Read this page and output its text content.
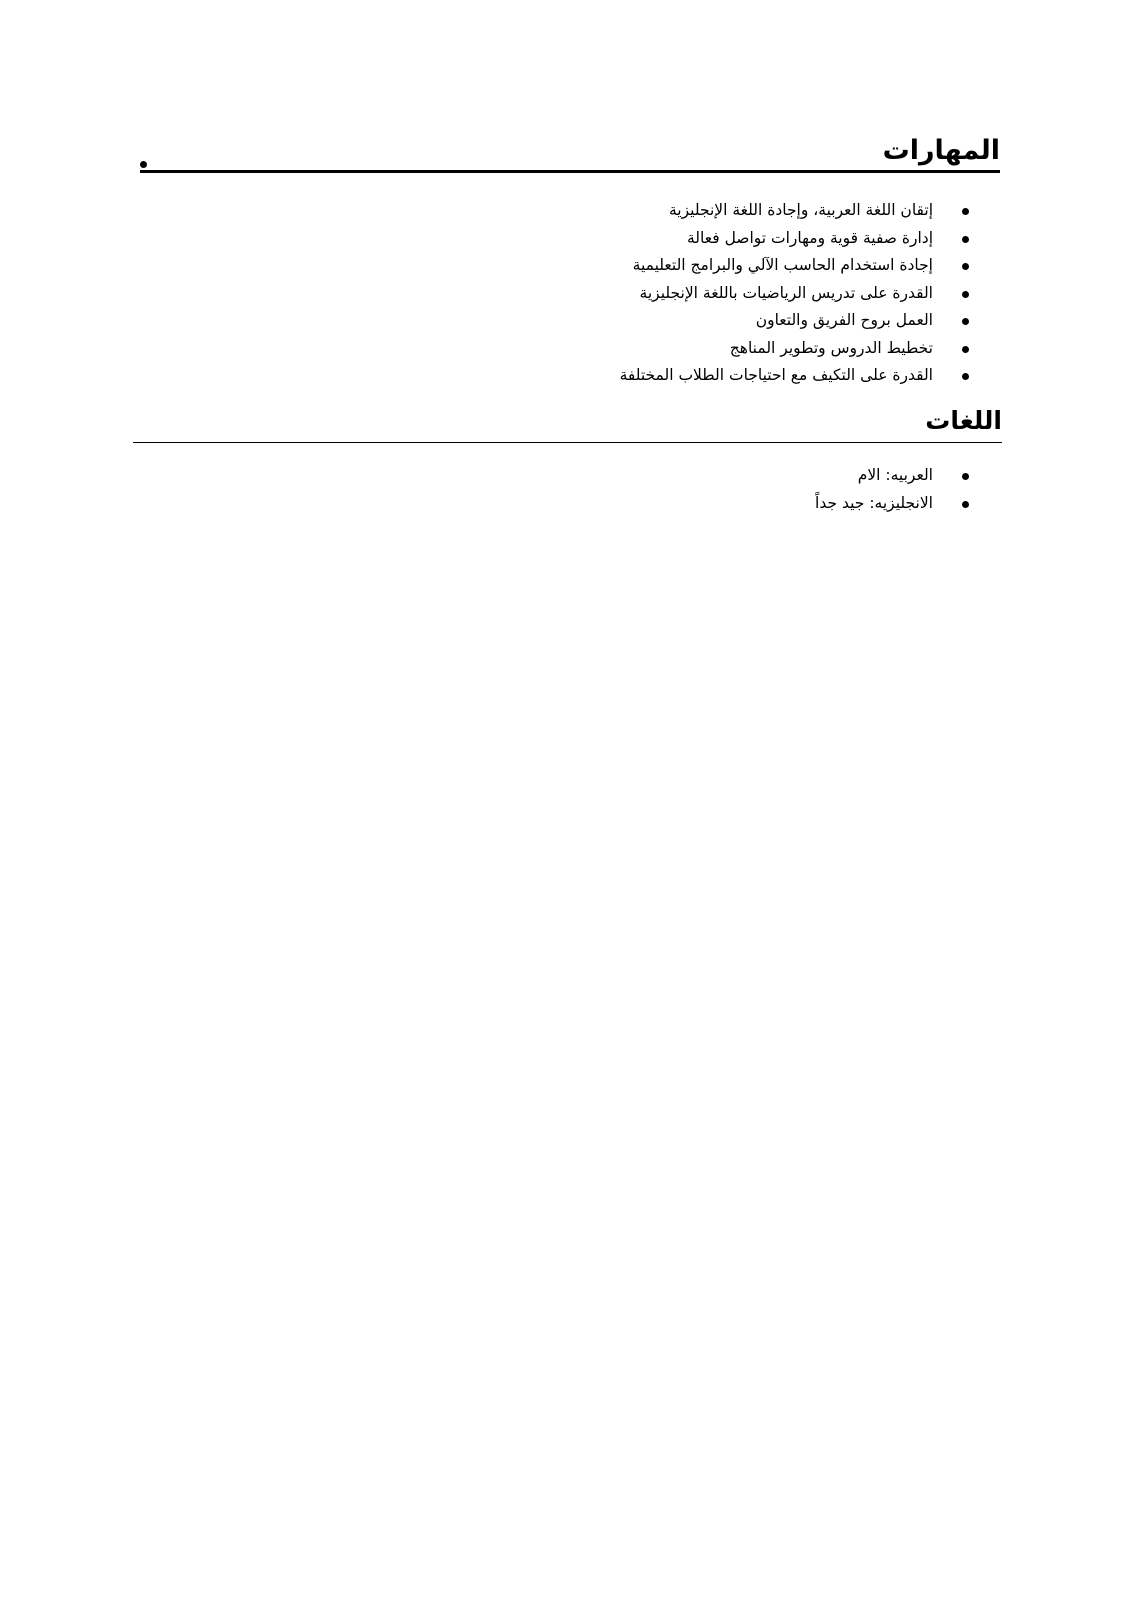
المهارات
إتقان اللغة العربية، وإجادة اللغة الإنجليزية
إدارة صفية قوية ومهارات تواصل فعالة
إجادة استخدام الحاسب الآلي والبرامج التعليمية
القدرة على تدريس الرياضيات باللغة الإنجليزية
العمل بروح الفريق والتعاون
تخطيط الدروس وتطوير المناهج
القدرة على التكيف مع احتياجات الطلاب المختلفة
اللغات
العربيه: الام
الانجليزيه: جيد جداً
